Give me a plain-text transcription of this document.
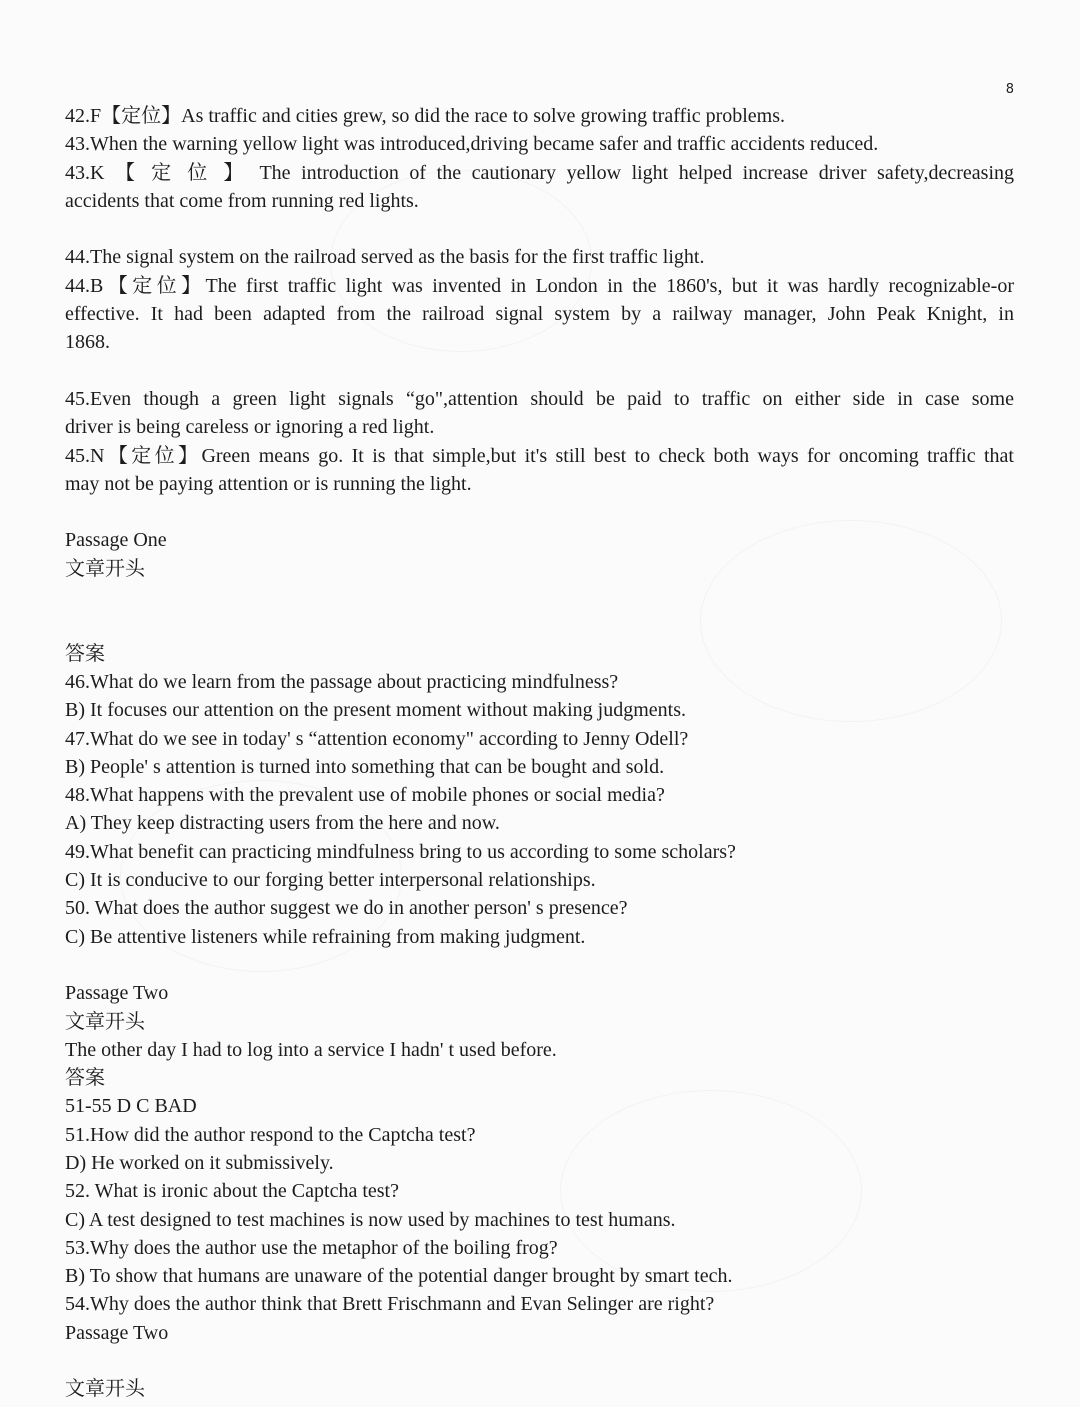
8
42.F【定位】As traffic and cities grew, so did the race to solve growing traffic problems.
43.When the warning yellow light was introduced,driving became safer and traffic accidents reduced.
43.K 【 定 位 】 The introduction of the cautionary yellow light helped increase driver safety,decreasing
accidents that come from running red lights.
44.The signal system on the railroad served as the basis for the first traffic light.
44.B【定位】The first traffic light was invented in London in the 1860's, but it was hardly recognizable-or
effective. It had been adapted from the railroad signal system by a railway manager, John Peak Knight, in
1868.
45.Even though a green light signals “go",attention should be paid to traffic on either side in case some
driver is being careless or ignoring a red light.
45.N【定位】Green means go. It is that simple,but it's still best to check both ways for oncoming traffic that
may not be paying attention or is running the light.
Passage One
文章开头
答案
46.What do we learn from the passage about practicing mindfulness?
B) It focuses our attention on the present moment without making judgments.
47.What do we see in today' s “attention economy" according to Jenny Odell?
B) People' s attention is turned into something that can be bought and sold.
48.What happens with the prevalent use of mobile phones or social media?
A) They keep distracting users from the here and now.
49.What benefit can practicing mindfulness bring to us according to some scholars?
C) It is conducive to our forging better interpersonal relationships.
50. What does the author suggest we do in another person' s presence?
C) Be attentive listeners while refraining from making judgment.
Passage Two
文章开头
The other day I had to log into a service I hadn' t used before.
答案
51-55 D C BAD
51.How did the author respond to the Captcha test?
D) He worked on it submissively.
52. What is ironic about the Captcha test?
C) A test designed to test machines is now used by machines to test humans.
53.Why does the author use the metaphor of the boiling frog?
B) To show that humans are unaware of the potential danger brought by smart tech.
54.Why does the author think that Brett Frischmann and Evan Selinger are right?
Passage Two
文章开头
